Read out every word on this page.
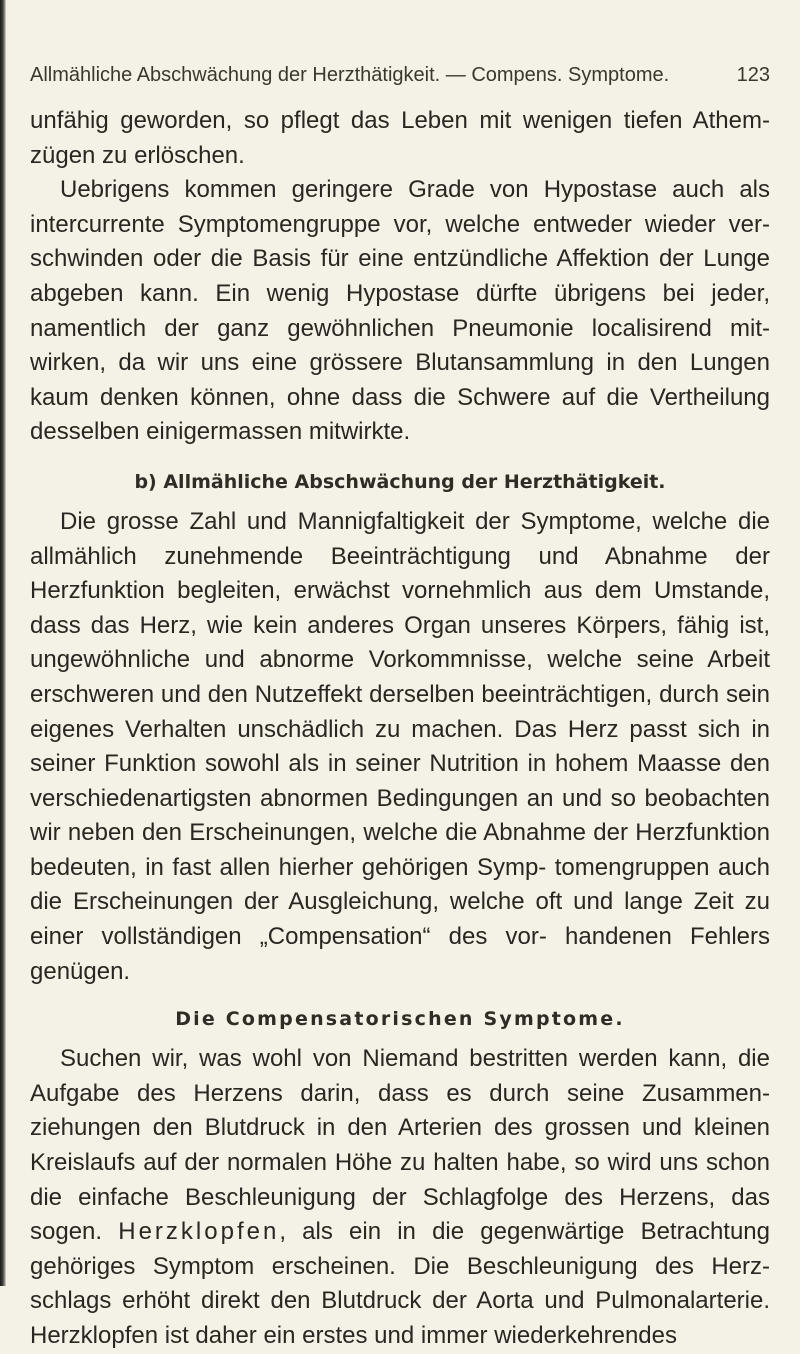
Allmähliche Abschwächung der Herzthätigkeit. — Compens. Symptome.	123

unfähig geworden, so pflegt das Leben mit wenigen tiefen Athem- zügen zu erlöschen.

Uebrigens kommen geringere Grade von Hypostase auch als intercurrente Symptomengruppe vor, welche entweder wieder ver- schwinden oder die Basis für eine entzündliche Affektion der Lunge abgeben kann. Ein wenig Hypostase dürfte übrigens bei jeder, namentlich der ganz gewöhnlichen Pneumonie localisirend mit- wirken, da wir uns eine grössere Blutansammlung in den Lungen kaum denken können, ohne dass die Schwere auf die Vertheilung desselben einigermassen mitwirkte.

b) Allmähliche Abschwächung der Herzthätigkeit.

Die grosse Zahl und Mannigfaltigkeit der Symptome, welche die allmählich zunehmende Beeinträchtigung und Abnahme der Herzfunktion begleiten, erwächst vornehmlich aus dem Umstande, dass das Herz, wie kein anderes Organ unseres Körpers, fähig ist, ungewöhnliche und abnorme Vorkommnisse, welche seine Arbeit erschweren und den Nutzeffekt derselben beeinträchtigen, durch sein eigenes Verhalten unschädlich zu machen. Das Herz passt sich in seiner Funktion sowohl als in seiner Nutrition in hohem Maasse den verschiedenartigsten abnormen Bedingungen an und so beobachten wir neben den Erscheinungen, welche die Abnahme der Herzfunktion bedeuten, in fast allen hierher gehörigen Symp- tomengruppen auch die Erscheinungen der Ausgleichung, welche oft und lange Zeit zu einer vollständigen „Compensation“ des vor- handenen Fehlers genügen.

Die Compensatorischen Symptome.

Suchen wir, was wohl von Niemand bestritten werden kann, die Aufgabe des Herzens darin, dass es durch seine Zusammen- ziehungen den Blutdruck in den Arterien des grossen und kleinen Kreislaufs auf der normalen Höhe zu halten habe, so wird uns schon die einfache Beschleunigung der Schlagfolge des Herzens, das sogen. Herzklopfen, als ein in die gegenwärtige Betrachtung gehöriges Symptom erscheinen. Die Beschleunigung des Herz- schlags erhöht direkt den Blutdruck der Aorta und Pulmonalarterie. Herzklopfen ist daher ein erstes und immer wiederkehrendes
